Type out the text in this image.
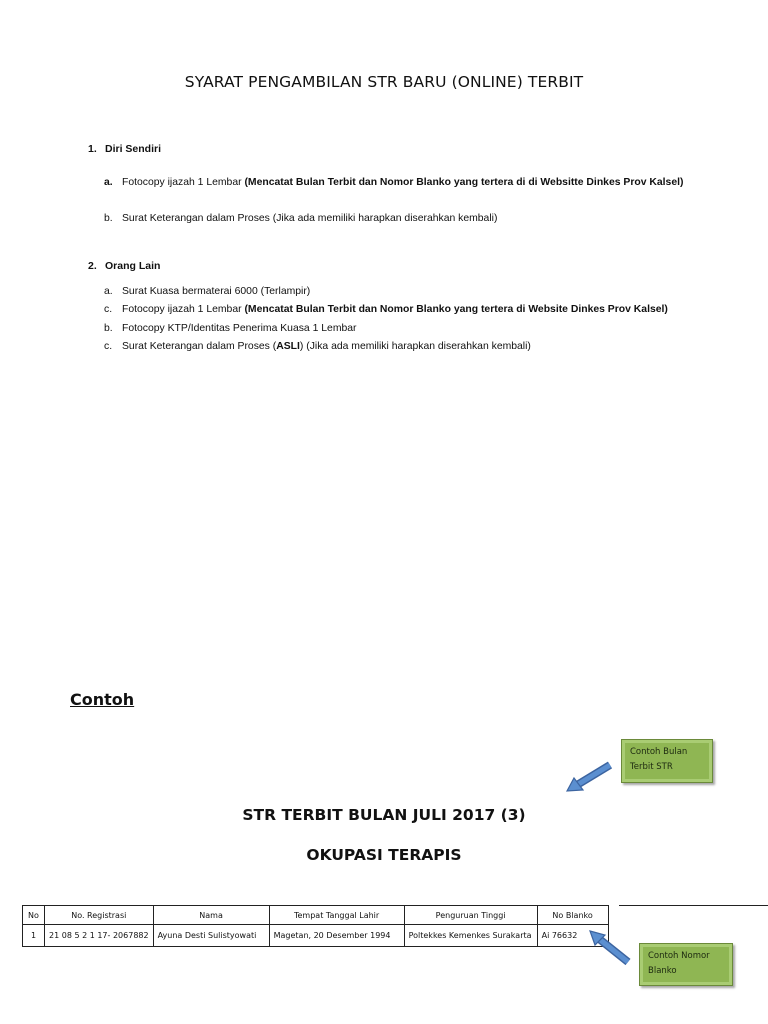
SYARAT PENGAMBILAN STR BARU (ONLINE) TERBIT
1. Diri Sendiri
a. Fotocopy ijazah 1 Lembar (Mencatat Bulan Terbit dan Nomor Blanko yang tertera di di Websitte Dinkes Prov Kalsel)
b. Surat Keterangan dalam Proses (Jika ada memiliki harapkan diserahkan kembali)
2. Orang Lain
a. Surat Kuasa bermaterai 6000 (Terlampir)
c. Fotocopy ijazah 1 Lembar (Mencatat Bulan Terbit dan Nomor Blanko yang tertera di Website Dinkes Prov Kalsel)
b. Fotocopy KTP/Identitas Penerima Kuasa 1 Lembar
c. Surat Keterangan dalam Proses (ASLI) (Jika ada memiliki harapkan diserahkan kembali)
Contoh
Contoh Bulan Terbit STR
STR TERBIT BULAN JULI 2017 (3)
OKUPASI TERAPIS
No	No. Registrasi	Nama	Tempat Tanggal Lahir	Penguruan Tinggi	No Blanko
1	21 08 5 2 1 17- 2067882	Ayuna Desti Sulistyowati	Magetan, 20 Desember 1994	Poltekkes Kemenkes Surakarta	Ai 76632
Contoh Nomor Blanko
